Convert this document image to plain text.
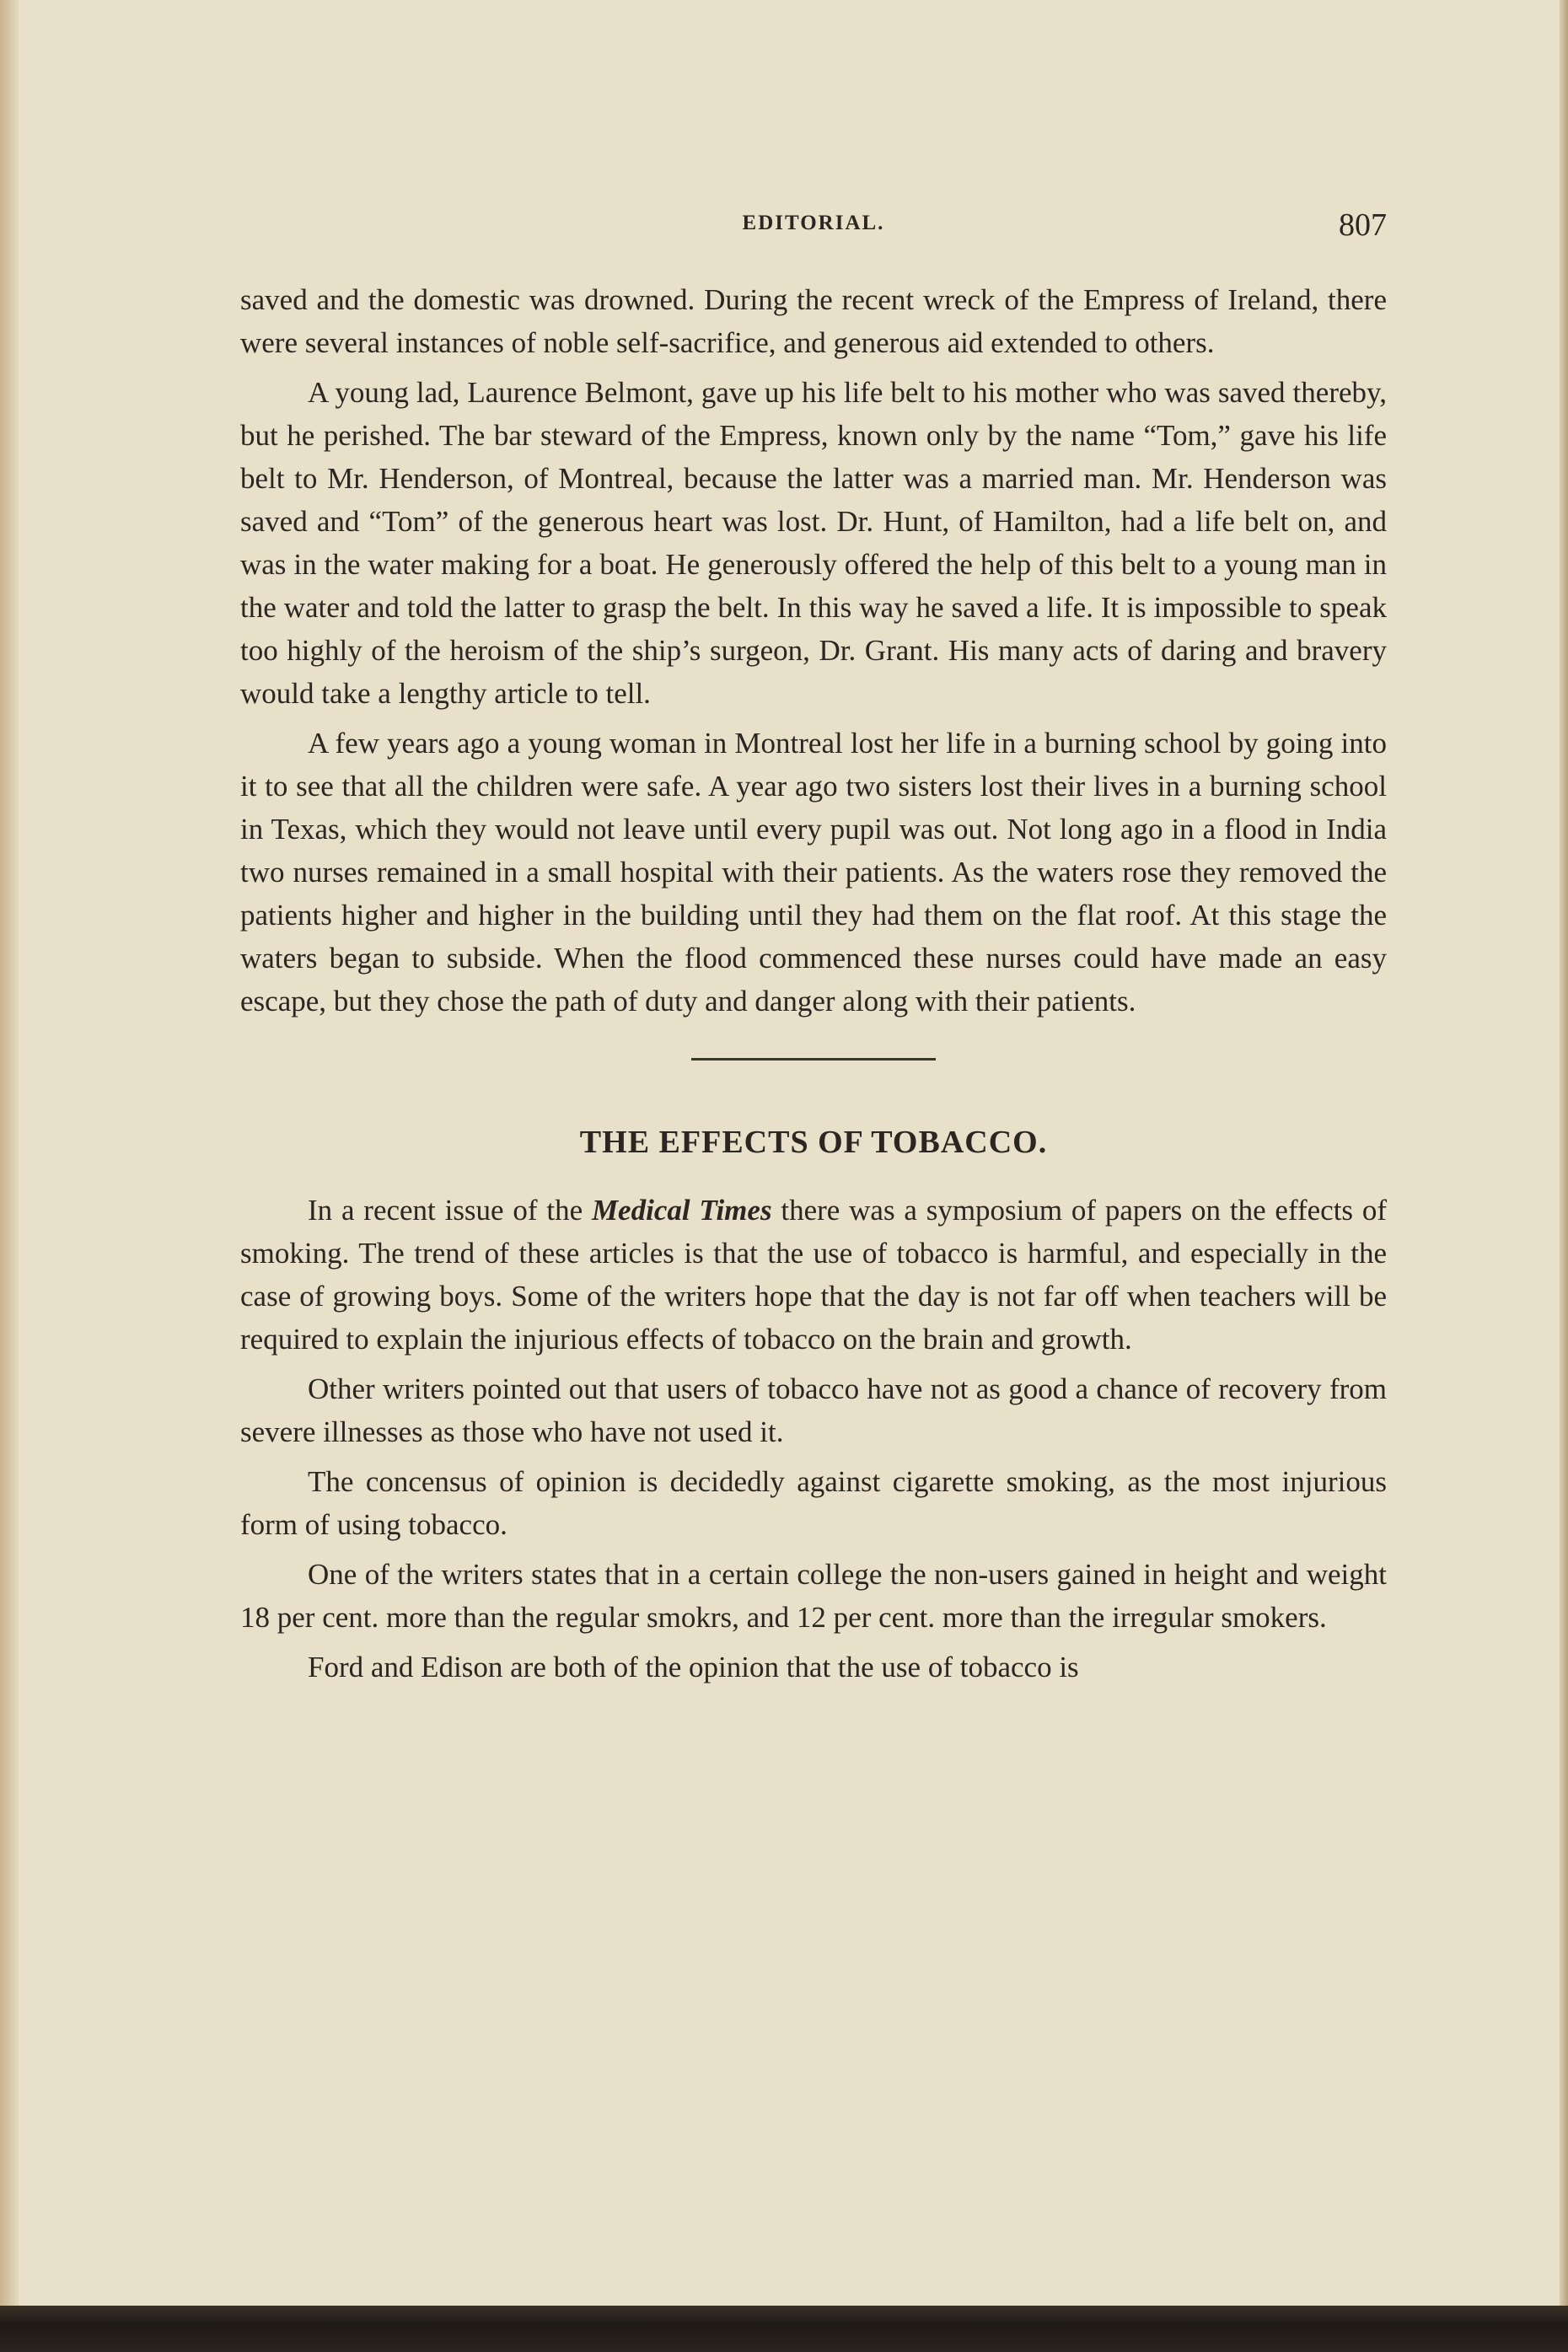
EDITORIAL.	807

saved and the domestic was drowned. During the recent wreck of the Empress of Ireland, there were several instances of noble self-sacrifice, and generous aid extended to others.

A young lad, Laurence Belmont, gave up his life belt to his mother who was saved thereby, but he perished. The bar steward of the Empress, known only by the name “Tom,” gave his life belt to Mr. Henderson, of Montreal, because the latter was a married man. Mr. Henderson was saved and “Tom” of the generous heart was lost. Dr. Hunt, of Hamilton, had a life belt on, and was in the water making for a boat. He generously offered the help of this belt to a young man in the water and told the latter to grasp the belt. In this way he saved a life. It is impossible to speak too highly of the heroism of the ship’s surgeon, Dr. Grant. His many acts of daring and bravery would take a lengthy article to tell.

A few years ago a young woman in Montreal lost her life in a burning school by going into it to see that all the children were safe. A year ago two sisters lost their lives in a burning school in Texas, which they would not leave until every pupil was out. Not long ago in a flood in India two nurses remained in a small hospital with their patients. As the waters rose they removed the patients higher and higher in the building until they had them on the flat roof. At this stage the waters began to subside. When the flood commenced these nurses could have made an easy escape, but they chose the path of duty and danger along with their patients.

THE EFFECTS OF TOBACCO.

In a recent issue of the Medical Times there was a symposium of papers on the effects of smoking. The trend of these articles is that the use of tobacco is harmful, and especially in the case of growing boys. Some of the writers hope that the day is not far off when teachers will be required to explain the injurious effects of tobacco on the brain and growth.

Other writers pointed out that users of tobacco have not as good a chance of recovery from severe illnesses as those who have not used it.

The concensus of opinion is decidedly against cigarette smoking, as the most injurious form of using tobacco.

One of the writers states that in a certain college the non-users gained in height and weight 18 per cent. more than the regular smokrs, and 12 per cent. more than the irregular smokers.

Ford and Edison are both of the opinion that the use of tobacco is
